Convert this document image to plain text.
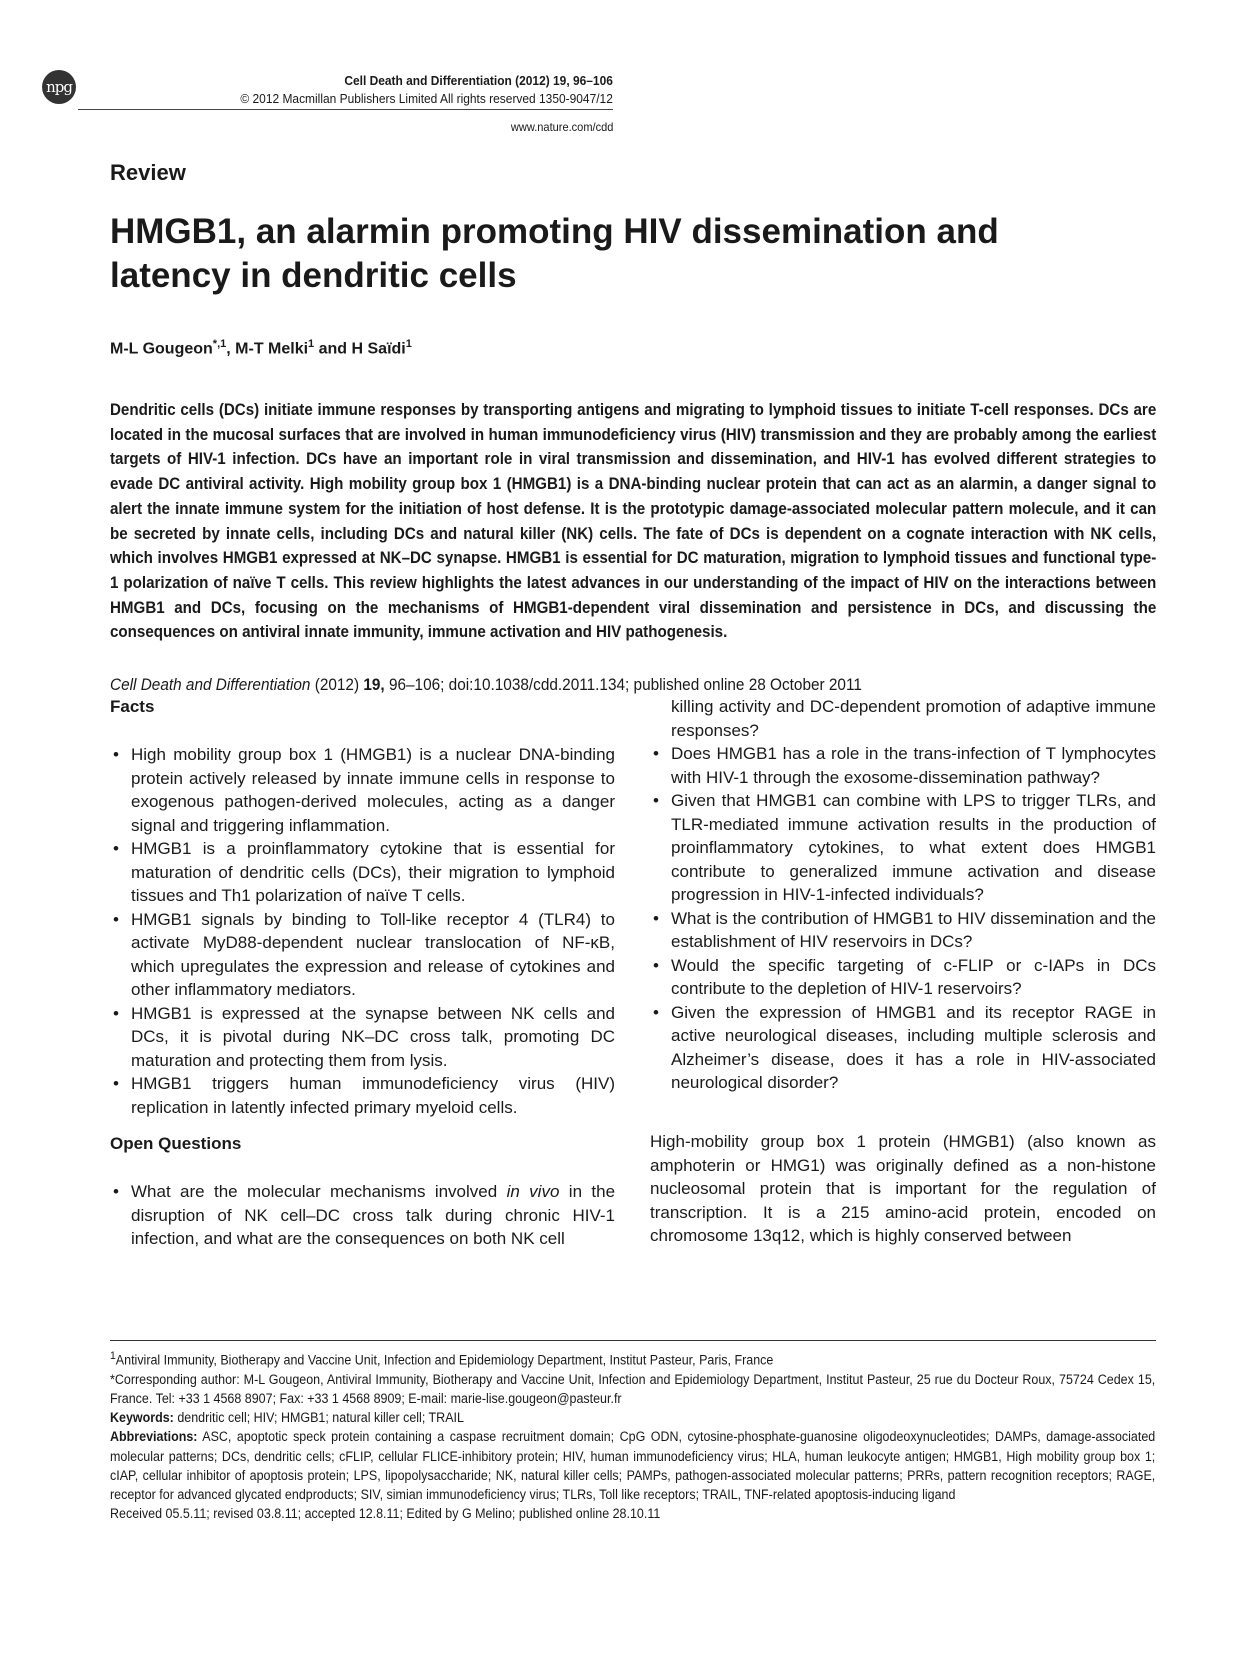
npg	Cell Death and Differentiation (2012) 19, 96–106
© 2012 Macmillan Publishers Limited All rights reserved 1350-9047/12
www.nature.com/cdd
Review
HMGB1, an alarmin promoting HIV dissemination and latency in dendritic cells
M-L Gougeon$^{*,1}$, M-T Melki$^1$ and H Saïdi$^1$
Dendritic cells (DCs) initiate immune responses by transporting antigens and migrating to lymphoid tissues to initiate T-cell responses. DCs are located in the mucosal surfaces that are involved in human immunodeficiency virus (HIV) transmission and they are probably among the earliest targets of HIV-1 infection. DCs have an important role in viral transmission and dissemination, and HIV-1 has evolved different strategies to evade DC antiviral activity. High mobility group box 1 (HMGB1) is a DNA-binding nuclear protein that can act as an alarmin, a danger signal to alert the innate immune system for the initiation of host defense. It is the prototypic damage-associated molecular pattern molecule, and it can be secreted by innate cells, including DCs and natural killer (NK) cells. The fate of DCs is dependent on a cognate interaction with NK cells, which involves HMGB1 expressed at NK–DC synapse. HMGB1 is essential for DC maturation, migration to lymphoid tissues and functional type-1 polarization of naïve T cells. This review highlights the latest advances in our understanding of the impact of HIV on the interactions between HMGB1 and DCs, focusing on the mechanisms of HMGB1-dependent viral dissemination and persistence in DCs, and discussing the consequences on antiviral innate immunity, immune activation and HIV pathogenesis.
Cell Death and Differentiation (2012) 19, 96–106; doi:10.1038/cdd.2011.134; published online 28 October 2011
Facts
• High mobility group box 1 (HMGB1) is a nuclear DNA-binding protein actively released by innate immune cells in response to exogenous pathogen-derived molecules, acting as a danger signal and triggering inflammation.
• HMGB1 is a proinflammatory cytokine that is essential for maturation of dendritic cells (DCs), their migration to lymphoid tissues and Th1 polarization of naïve T cells.
• HMGB1 signals by binding to Toll-like receptor 4 (TLR4) to activate MyD88-dependent nuclear translocation of NF-κB, which upregulates the expression and release of cytokines and other inflammatory mediators.
• HMGB1 is expressed at the synapse between NK cells and DCs, it is pivotal during NK–DC cross talk, promoting DC maturation and protecting them from lysis.
• HMGB1 triggers human immunodeficiency virus (HIV) replication in latently infected primary myeloid cells.
Open Questions
• What are the molecular mechanisms involved in vivo in the disruption of NK cell–DC cross talk during chronic HIV-1 infection, and what are the consequences on both NK cell
killing activity and DC-dependent promotion of adaptive immune responses?
• Does HMGB1 has a role in the trans-infection of T lymphocytes with HIV-1 through the exosome-dissemination pathway?
• Given that HMGB1 can combine with LPS to trigger TLRs, and TLR-mediated immune activation results in the production of proinflammatory cytokines, to what extent does HMGB1 contribute to generalized immune activation and disease progression in HIV-1-infected individuals?
• What is the contribution of HMGB1 to HIV dissemination and the establishment of HIV reservoirs in DCs?
• Would the specific targeting of c-FLIP or c-IAPs in DCs contribute to the depletion of HIV-1 reservoirs?
• Given the expression of HMGB1 and its receptor RAGE in active neurological diseases, including multiple sclerosis and Alzheimer’s disease, does it has a role in HIV-associated neurological disorder?
High-mobility group box 1 protein (HMGB1) (also known as amphoterin or HMG1) was originally defined as a non-histone nucleosomal protein that is important for the regulation of transcription. It is a 215 amino-acid protein, encoded on chromosome 13q12, which is highly conserved between

$^1$Antiviral Immunity, Biotherapy and Vaccine Unit, Infection and Epidemiology Department, Institut Pasteur, Paris, France

*Corresponding author: M-L Gougeon, Antiviral Immunity, Biotherapy and Vaccine Unit, Infection and Epidemiology Department, Institut Pasteur, 25 rue du Docteur Roux, 75724 Cedex 15, France. Tel: +33 1 4568 8907; Fax: +33 1 4568 8909; E-mail: marie-lise.gougeon@pasteur.fr

Keywords: dendritic cell; HIV; HMGB1; natural killer cell; TRAIL

Abbreviations: ASC, apoptotic speck protein containing a caspase recruitment domain; CpG ODN, cytosine-phosphate-guanosine oligodeoxynucleotides; DAMPs, damage-associated molecular patterns; DCs, dendritic cells; cFLIP, cellular FLICE-inhibitory protein; HIV, human immunodeficiency virus; HLA, human leukocyte antigen; HMGB1, High mobility group box 1; cIAP, cellular inhibitor of apoptosis protein; LPS, lipopolysaccharide; NK, natural killer cells; PAMPs, pathogen-associated molecular patterns; PRRs, pattern recognition receptors; RAGE, receptor for advanced glycated endproducts; SIV, simian immunodeficiency virus; TLRs, Toll like receptors; TRAIL, TNF-related apoptosis-inducing ligand

Received 05.5.11; revised 03.8.11; accepted 12.8.11; Edited by G Melino; published online 28.10.11
